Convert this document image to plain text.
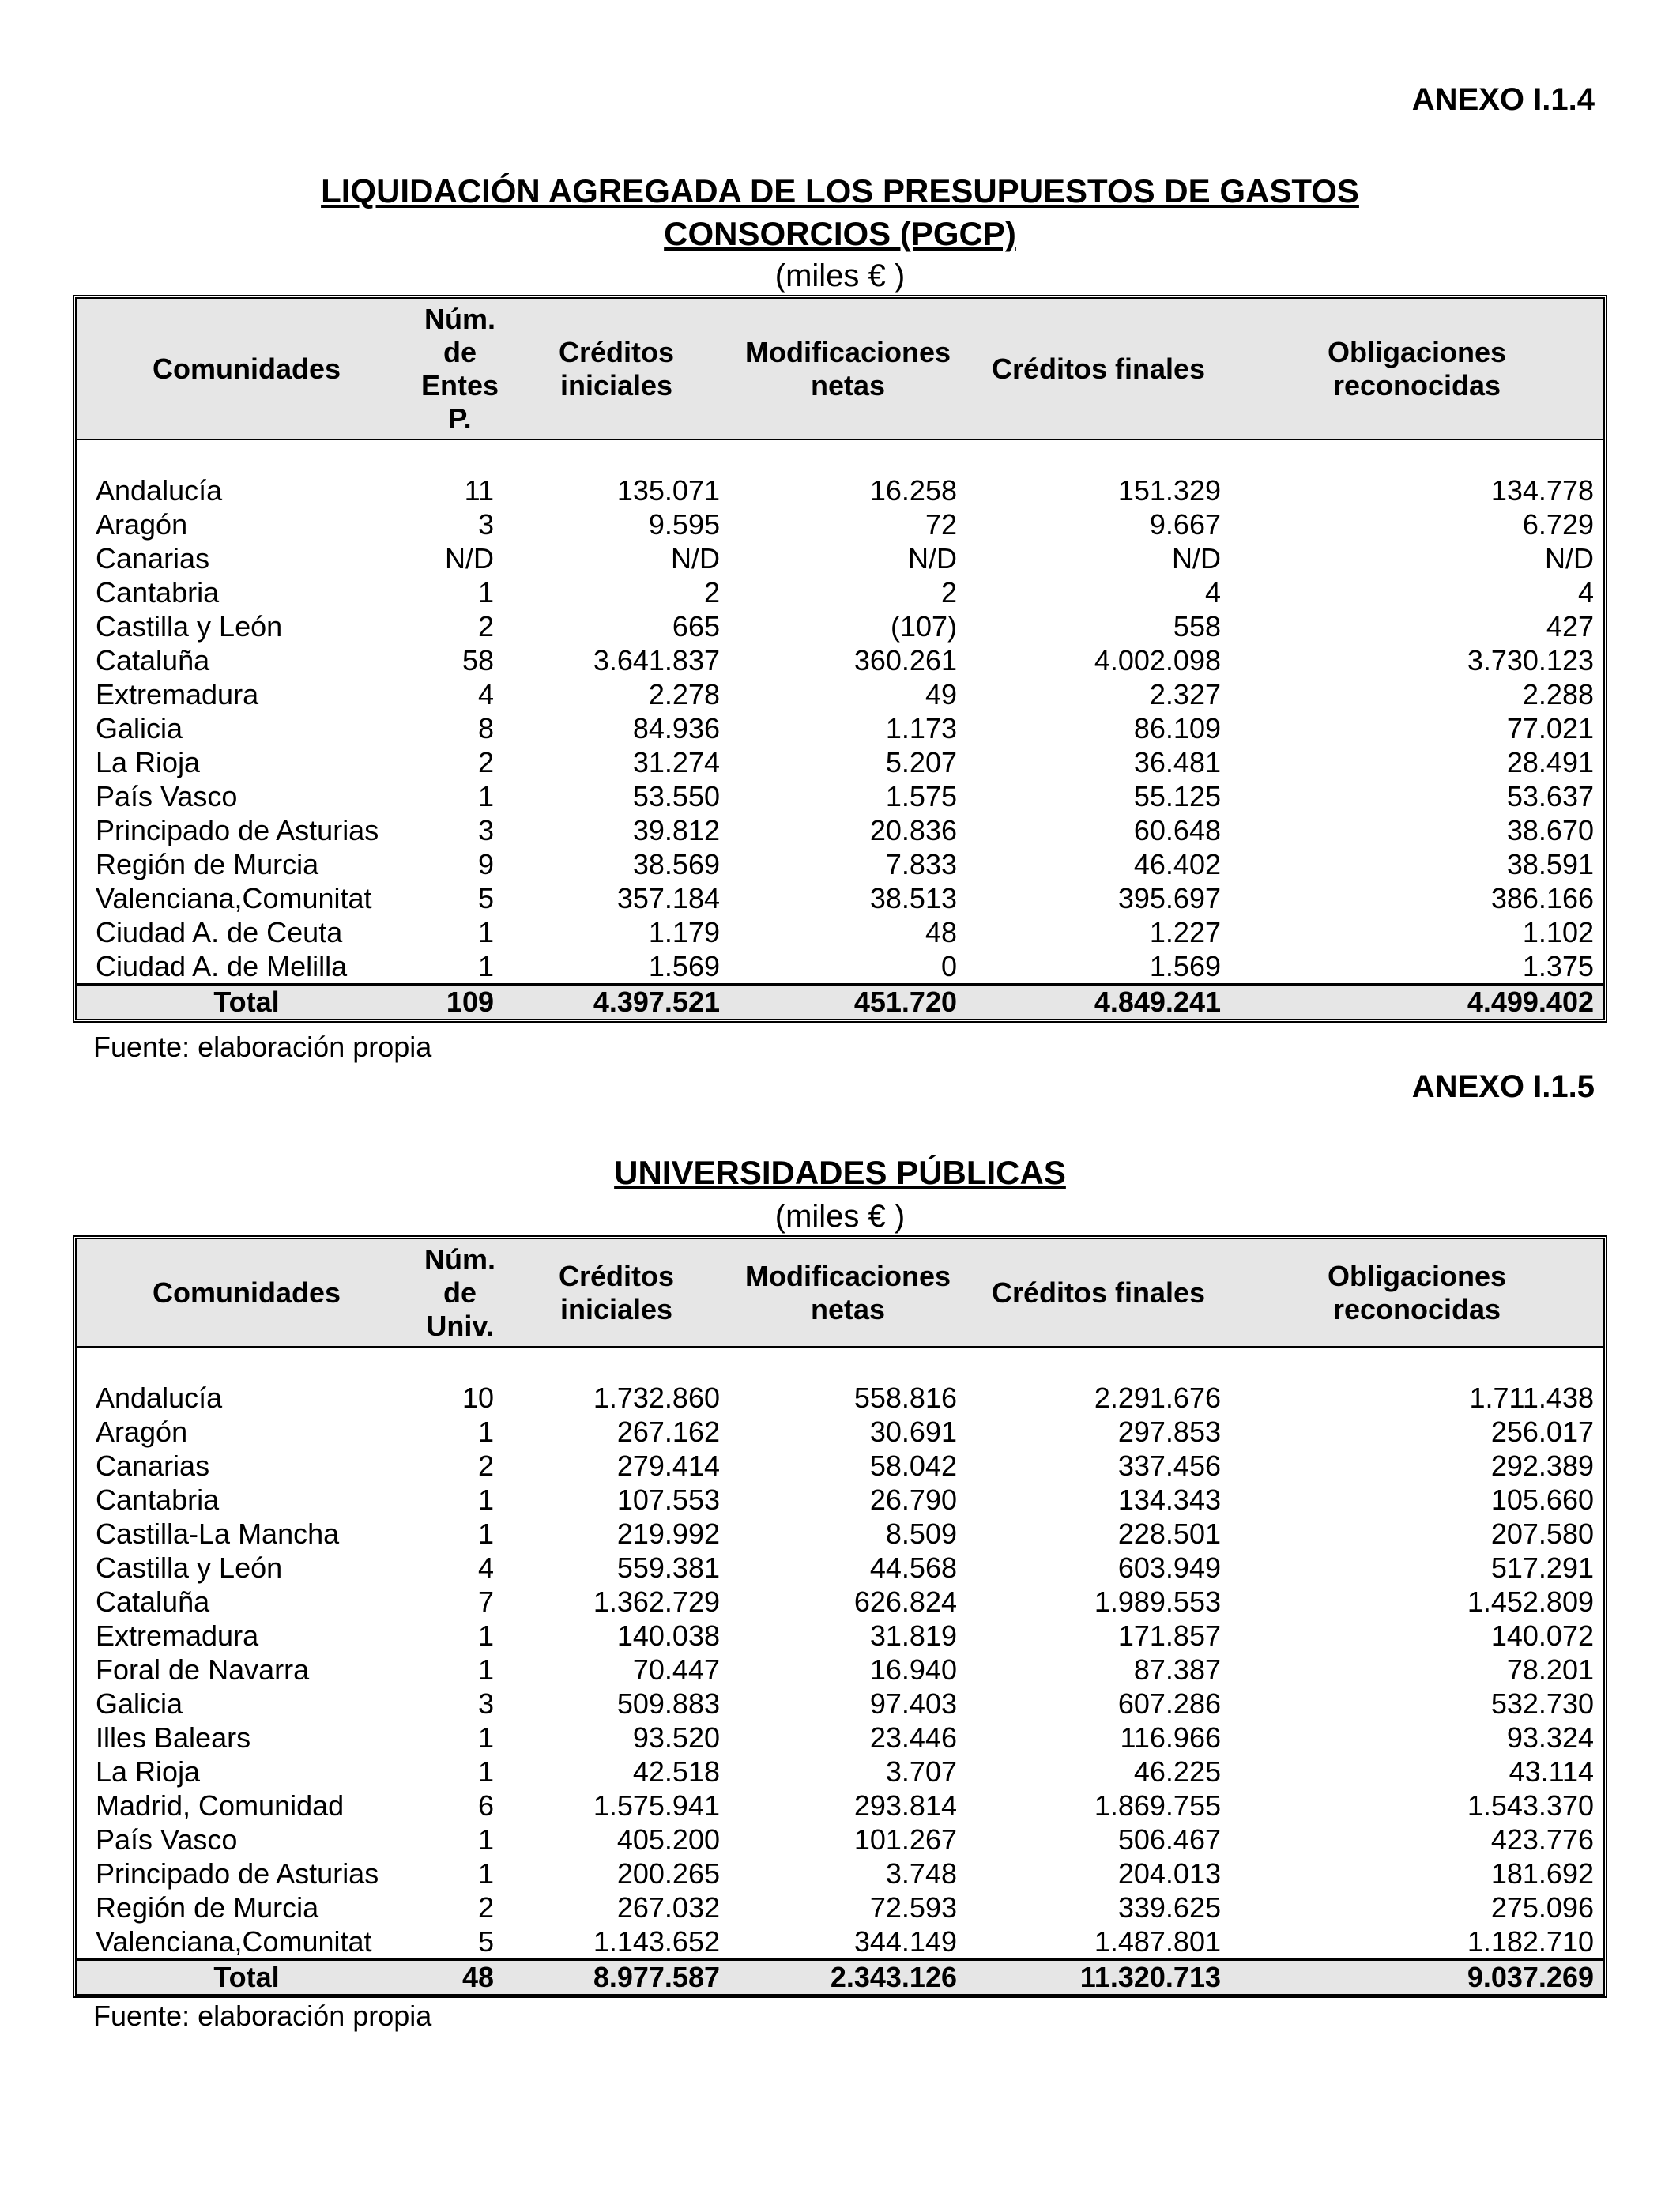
ANEXO I.1.4
LIQUIDACIÓN AGREGADA DE LOS PRESUPUESTOS DE GASTOS
CONSORCIOS (PGCP)
(miles € )
Comunidades	Núm.
de
Entes
P.	Créditos
iniciales	Modificaciones
netas	Créditos finales	Obligaciones
reconocidas

Andalucía	11	135.071	16.258	151.329	134.778
Aragón	3	9.595	72	9.667	6.729
Canarias	N/D	N/D	N/D	N/D	N/D
Cantabria	1	2	2	4	4
Castilla y León	2	665	(107)	558	427
Cataluña	58	3.641.837	360.261	4.002.098	3.730.123
Extremadura	4	2.278	49	2.327	2.288
Galicia	8	84.936	1.173	86.109	77.021
La Rioja	2	31.274	5.207	36.481	28.491
País Vasco	1	53.550	1.575	55.125	53.637
Principado de Asturias	3	39.812	20.836	60.648	38.670
Región de Murcia	9	38.569	7.833	46.402	38.591
Valenciana,Comunitat	5	357.184	38.513	395.697	386.166
Ciudad A. de Ceuta	1	1.179	48	1.227	1.102
Ciudad A. de Melilla	1	1.569	0	1.569	1.375
Total	109	4.397.521	451.720	4.849.241	4.499.402
Fuente: elaboración propia
ANEXO I.1.5
UNIVERSIDADES PÚBLICAS
(miles € )
Comunidades	Núm.
de
Univ.	Créditos
iniciales	Modificaciones
netas	Créditos finales	Obligaciones
reconocidas

Andalucía	10	1.732.860	558.816	2.291.676	1.711.438
Aragón	1	267.162	30.691	297.853	256.017
Canarias	2	279.414	58.042	337.456	292.389
Cantabria	1	107.553	26.790	134.343	105.660
Castilla-La Mancha	1	219.992	8.509	228.501	207.580
Castilla y León	4	559.381	44.568	603.949	517.291
Cataluña	7	1.362.729	626.824	1.989.553	1.452.809
Extremadura	1	140.038	31.819	171.857	140.072
Foral de Navarra	1	70.447	16.940	87.387	78.201
Galicia	3	509.883	97.403	607.286	532.730
Illes Balears	1	93.520	23.446	116.966	93.324
La Rioja	1	42.518	3.707	46.225	43.114
Madrid, Comunidad	6	1.575.941	293.814	1.869.755	1.543.370
País Vasco	1	405.200	101.267	506.467	423.776
Principado de Asturias	1	200.265	3.748	204.013	181.692
Región de Murcia	2	267.032	72.593	339.625	275.096
Valenciana,Comunitat	5	1.143.652	344.149	1.487.801	1.182.710
Total	48	8.977.587	2.343.126	11.320.713	9.037.269
Fuente: elaboración propia
